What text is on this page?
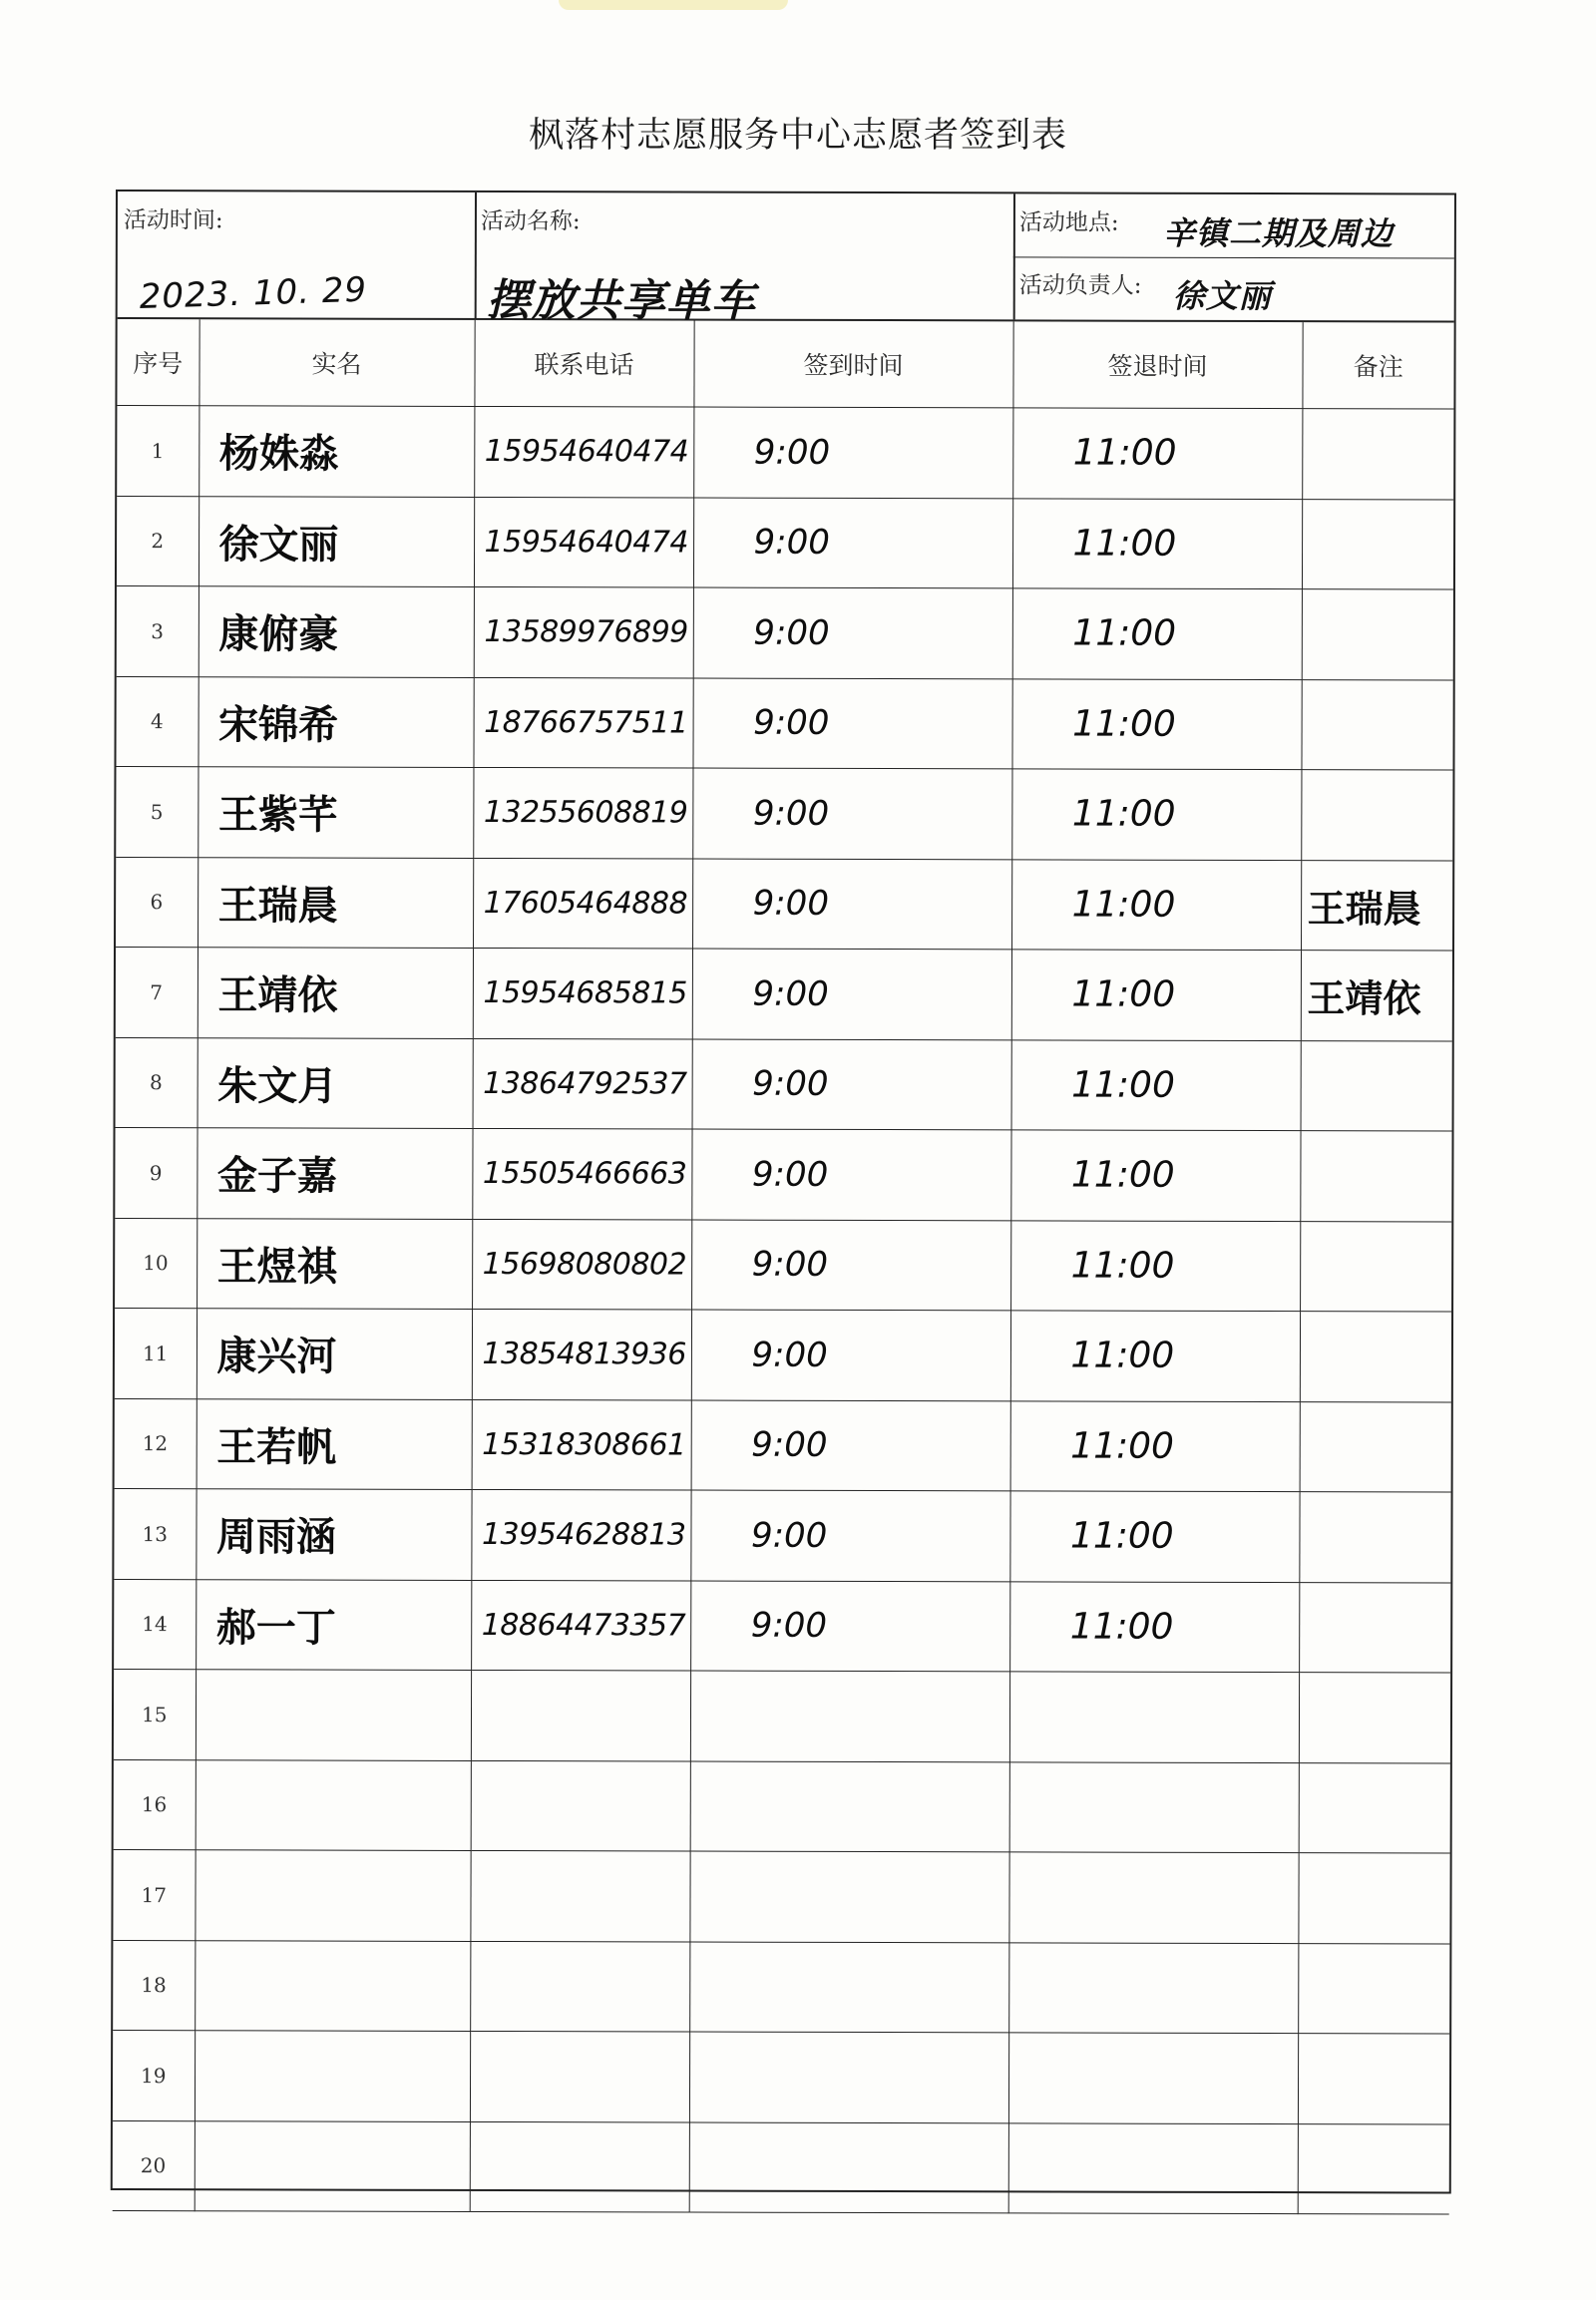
枫落村志愿服务中心志愿者签到表
活动时间:
2023. 10. 29
活动名称:
摆放共享单车
活动地点: 辛镇二期及周边
活动负责人: 徐文丽
序号	实名	联系电话	签到时间	签退时间	备注
1	杨姝淼	15954640474	9:00	11:00	
2	徐文丽	15954640474	9:00	11:00	
3	康俯豪	13589976899	9:00	11:00	
4	宋锦希	18766757511	9:00	11:00	
5	王紫芊	13255608819	9:00	11:00	
6	王瑞晨	17605464888	9:00	11:00	王瑞晨
7	王靖依	15954685815	9:00	11:00	王靖依
8	朱文月	13864792537	9:00	11:00	
9	金子嘉	15505466663	9:00	11:00	
10	王煜祺	15698080802	9:00	11:00	
11	康兴河	13854813936	9:00	11:00	
12	王若帆	15318308661	9:00	11:00	
13	周雨涵	13954628813	9:00	11:00	
14	郝一丁	18864473357	9:00	11:00	
15					
16					
17					
18					
19					
20					
